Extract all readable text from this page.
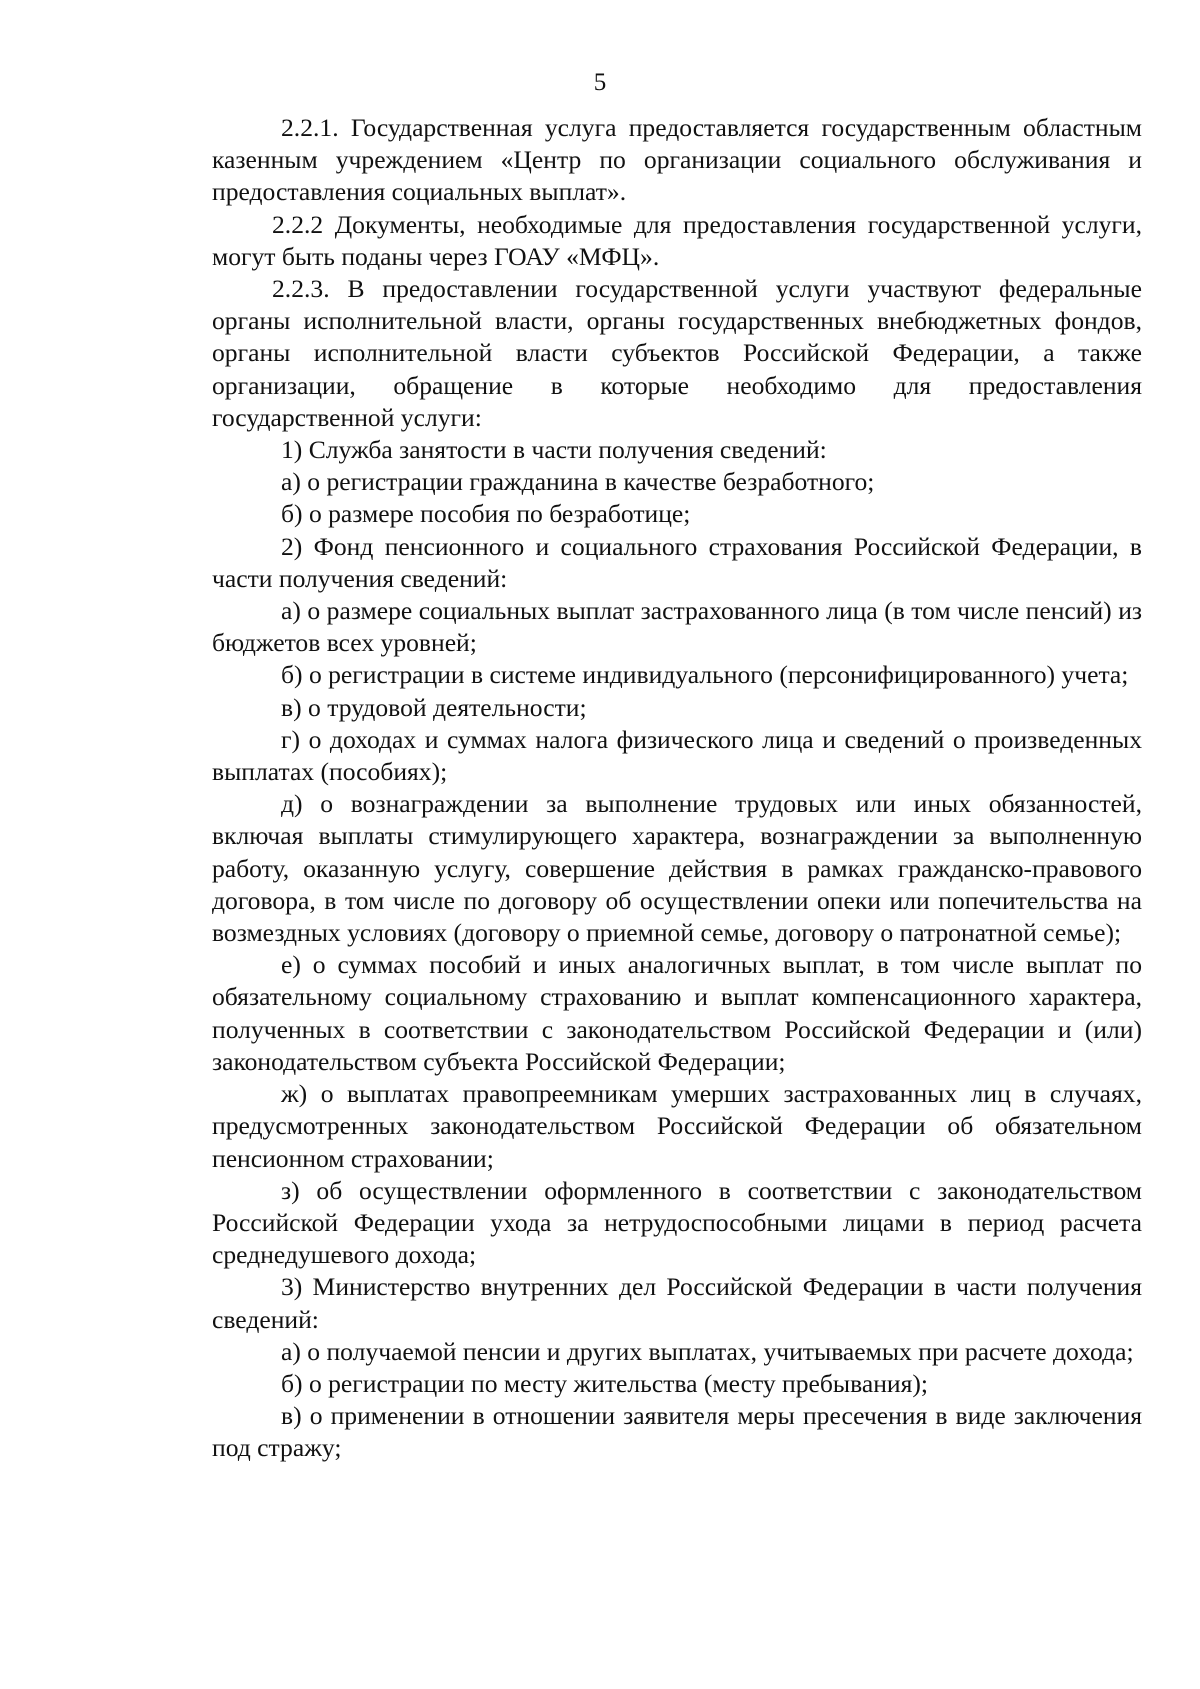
5

2.2.1. Государственная услуга предоставляется государственным областным казенным учреждением «Центр по организации социального обслуживания и предоставления социальных выплат».

2.2.2 Документы, необходимые для предоставления государственной услуги, могут быть поданы через ГОАУ «МФЦ».

2.2.3. В предоставлении государственной услуги участвуют федеральные органы исполнительной власти, органы государственных внебюджетных фондов, органы исполнительной власти субъектов Российской Федерации, а также организации, обращение в которые необходимо для предоставления государственной услуги:

1) Служба занятости в части получения сведений:

а) о регистрации гражданина в качестве безработного;

б) о размере пособия по безработице;

2) Фонд пенсионного и социального страхования Российской Федерации, в части получения сведений:

а) о размере социальных выплат застрахованного лица (в том числе пенсий) из бюджетов всех уровней;

б) о регистрации в системе индивидуального (персонифицированного) учета;

в) о трудовой деятельности;

г) о доходах и суммах налога физического лица и сведений о произведенных выплатах (пособиях);

д) о вознаграждении за выполнение трудовых или иных обязанностей, включая выплаты стимулирующего характера, вознаграждении за выполненную работу, оказанную услугу, совершение действия в рамках гражданско-правового договора, в том числе по договору об осуществлении опеки или попечительства на возмездных условиях (договору о приемной семье, договору о патронатной семье);

е) о суммах пособий и иных аналогичных выплат, в том числе выплат по обязательному социальному страхованию и выплат компенсационного характера, полученных в соответствии с законодательством Российской Федерации и (или) законодательством субъекта Российской Федерации;

ж) о выплатах правопреемникам умерших застрахованных лиц в случаях, предусмотренных законодательством Российской Федерации об обязательном пенсионном страховании;

з) об осуществлении оформленного в соответствии с законодательством Российской Федерации ухода за нетрудоспособными лицами в период расчета среднедушевого дохода;

3) Министерство внутренних дел Российской Федерации в части получения сведений:

а) о получаемой пенсии и других выплатах, учитываемых при расчете дохода;

б) о регистрации по месту жительства (месту пребывания);

в) о применении в отношении заявителя меры пресечения в виде заключения под стражу;
